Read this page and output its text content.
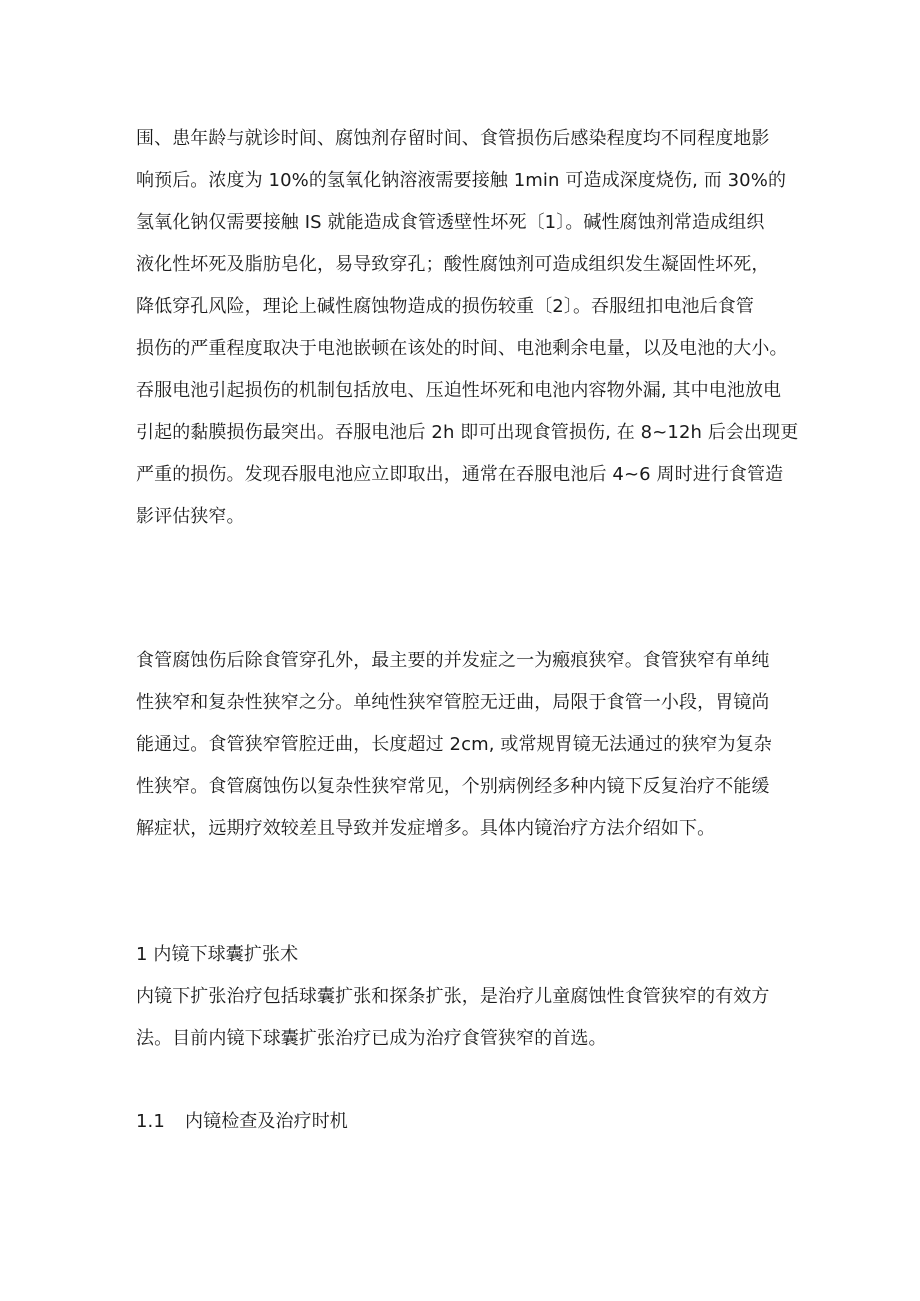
围、患年龄与就诊时间、腐蚀剂存留时间、食管损伤后感染程度均不同程度地影
响预后。浓度为 10%的氢氧化钠溶液需要接触 1min 可造成深度烧伤, 而 30%的
氢氧化钠仅需要接触 IS 就能造成食管透壁性坏死〔1〕。碱性腐蚀剂常造成组织
液化性坏死及脂肪皂化，易导致穿孔；酸性腐蚀剂可造成组织发生凝固性坏死，
降低穿孔风险，理论上碱性腐蚀物造成的损伤较重〔2〕。吞服纽扣电池后食管
损伤的严重程度取决于电池嵌顿在该处的时间、电池剩余电量，以及电池的大小。
吞服电池引起损伤的机制包括放电、压迫性坏死和电池内容物外漏, 其中电池放电
引起的黏膜损伤最突出。吞服电池后 2h 即可出现食管损伤, 在 8~12h 后会出现更
严重的损伤。发现吞服电池应立即取出，通常在吞服电池后 4~6 周时进行食管造
影评估狭窄。
食管腐蚀伤后除食管穿孔外，最主要的并发症之一为瘢痕狭窄。食管狭窄有单纯
性狭窄和复杂性狭窄之分。单纯性狭窄管腔无迂曲，局限于食管一小段，胃镜尚
能通过。食管狭窄管腔迂曲，长度超过 2cm, 或常规胃镜无法通过的狭窄为复杂
性狭窄。食管腐蚀伤以复杂性狭窄常见，个别病例经多种内镜下反复治疗不能缓
解症状，远期疗效较差且导致并发症增多。具体内镜治疗方法介绍如下。
1 内镜下球囊扩张术
内镜下扩张治疗包括球囊扩张和探条扩张，是治疗儿童腐蚀性食管狭窄的有效方
法。目前内镜下球囊扩张治疗已成为治疗食管狭窄的首选。
1.1 内镜检查及治疗时机
